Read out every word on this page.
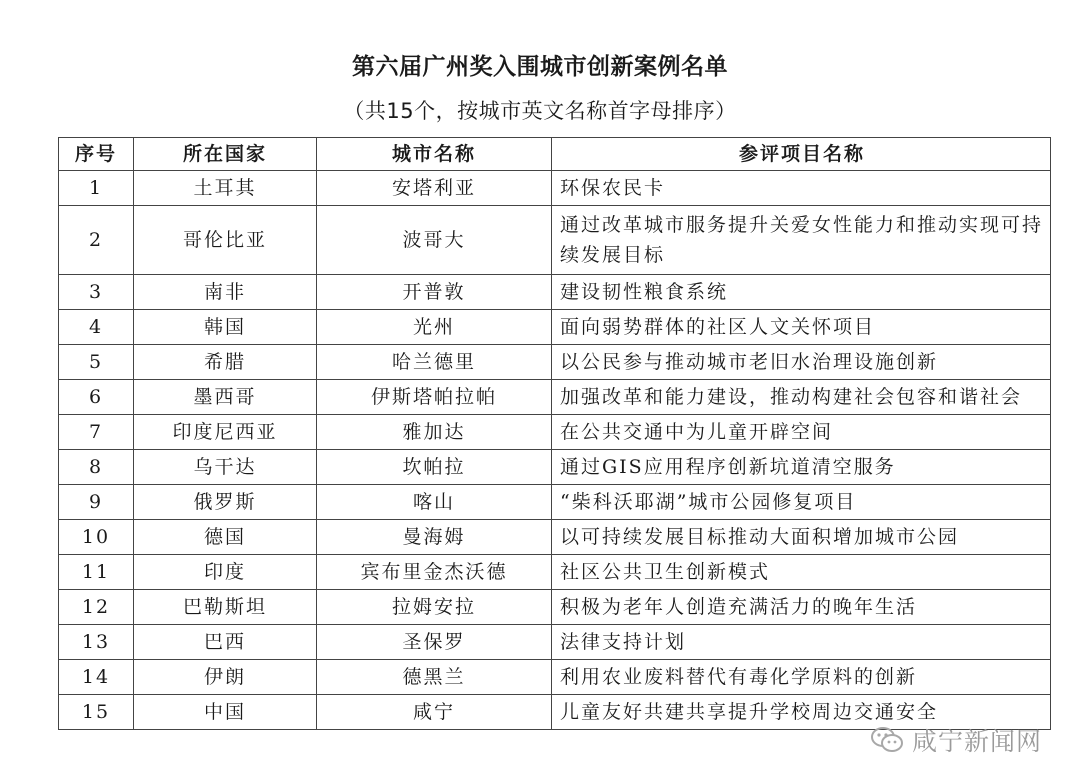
第六届广州奖入围城市创新案例名单
（共15个，按城市英文名称首字母排序）
序号	所在国家	城市名称	参评项目名称
1	土耳其	安塔利亚	环保农民卡
2	哥伦比亚	波哥大	通过改革城市服务提升关爱女性能力和推动实现可持续发展目标
3	南非	开普敦	建设韧性粮食系统
4	韩国	光州	面向弱势群体的社区人文关怀项目
5	希腊	哈兰德里	以公民参与推动城市老旧水治理设施创新
6	墨西哥	伊斯塔帕拉帕	加强改革和能力建设，推动构建社会包容和谐社会
7	印度尼西亚	雅加达	在公共交通中为儿童开辟空间
8	乌干达	坎帕拉	通过GIS应用程序创新坑道清空服务
9	俄罗斯	喀山	“柴科沃耶湖”城市公园修复项目
10	德国	曼海姆	以可持续发展目标推动大面积增加城市公园
11	印度	宾布里金杰沃德	社区公共卫生创新模式
12	巴勒斯坦	拉姆安拉	积极为老年人创造充满活力的晚年生活
13	巴西	圣保罗	法律支持计划
14	伊朗	德黑兰	利用农业废料替代有毒化学原料的创新
15	中国	咸宁	儿童友好共建共享提升学校周边交通安全
咸宁新闻网
